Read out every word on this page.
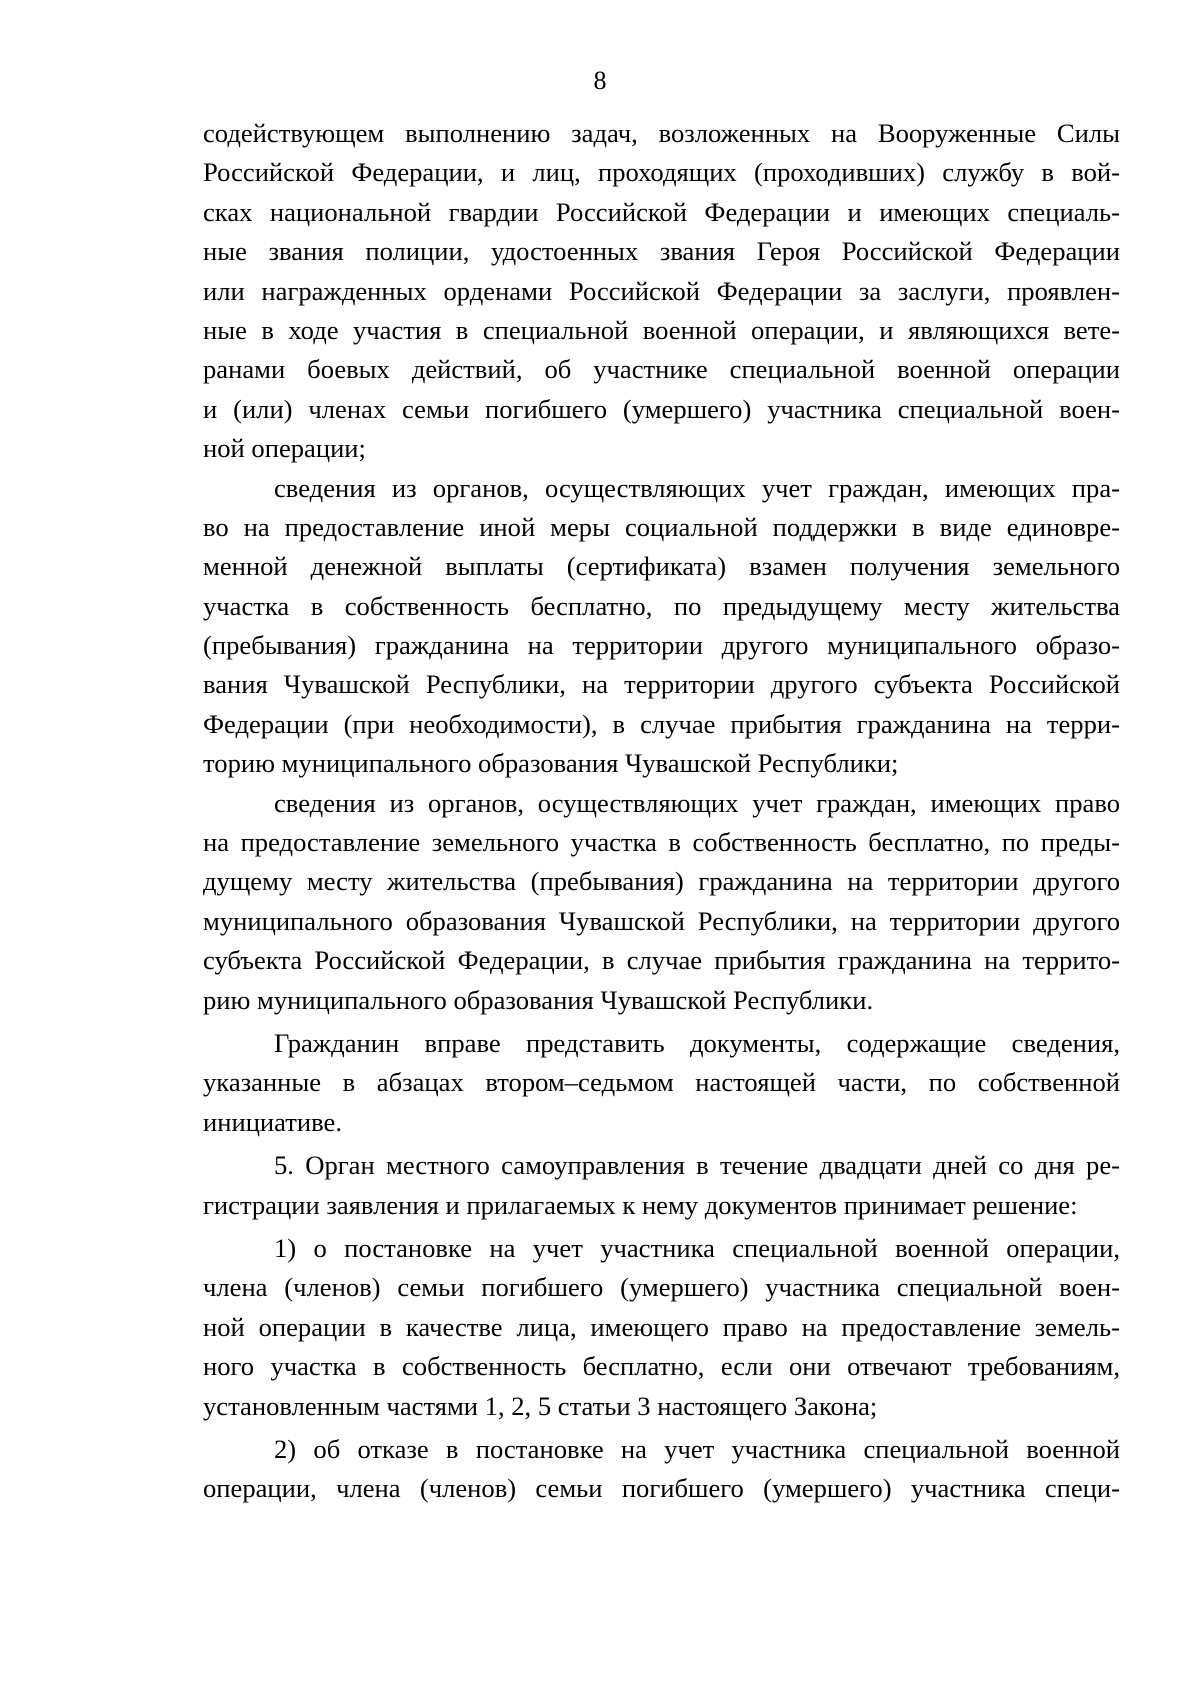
8
содействующем выполнению задач, возложенных на Вооруженные Силы
Российской Федерации, и лиц, проходящих (проходивших) службу в вой-
сках национальной гвардии Российской Федерации и имеющих специаль-
ные звания полиции, удостоенных звания Героя Российской Федерации
или награжденных орденами Российской Федерации за заслуги, проявлен-
ные в ходе участия в специальной военной операции, и являющихся вете-
ранами боевых действий, об участнике специальной военной операции
и (или) членах семьи погибшего (умершего) участника специальной воен-
ной операции;
сведения из органов, осуществляющих учет граждан, имеющих пра-
во на предоставление иной меры социальной поддержки в виде единовре-
менной денежной выплаты (сертификата) взамен получения земельного
участка в собственность бесплатно, по предыдущему месту жительства
(пребывания) гражданина на территории другого муниципального образо-
вания Чувашской Республики, на территории другого субъекта Российской
Федерации (при необходимости), в случае прибытия гражданина на терри-
торию муниципального образования Чувашской Республики;
сведения из органов, осуществляющих учет граждан, имеющих право
на предоставление земельного участка в собственность бесплатно, по преды-
дущему месту жительства (пребывания) гражданина на территории другого
муниципального образования Чувашской Республики, на территории другого
субъекта Российской Федерации, в случае прибытия гражданина на террито-
рию муниципального образования Чувашской Республики.
Гражданин вправе представить документы, содержащие сведения,
указанные в абзацах втором–седьмом настоящей части, по собственной
инициативе.
5. Орган местного самоуправления в течение двадцати дней со дня ре-
гистрации заявления и прилагаемых к нему документов принимает решение:
1) о постановке на учет участника специальной военной операции,
члена (членов) семьи погибшего (умершего) участника специальной воен-
ной операции в качестве лица, имеющего право на предоставление земель-
ного участка в собственность бесплатно, если они отвечают требованиям,
установленным частями 1, 2, 5 статьи 3 настоящего Закона;
2) об отказе в постановке на учет участника специальной военной
операции, члена (членов) семьи погибшего (умершего) участника специ-
